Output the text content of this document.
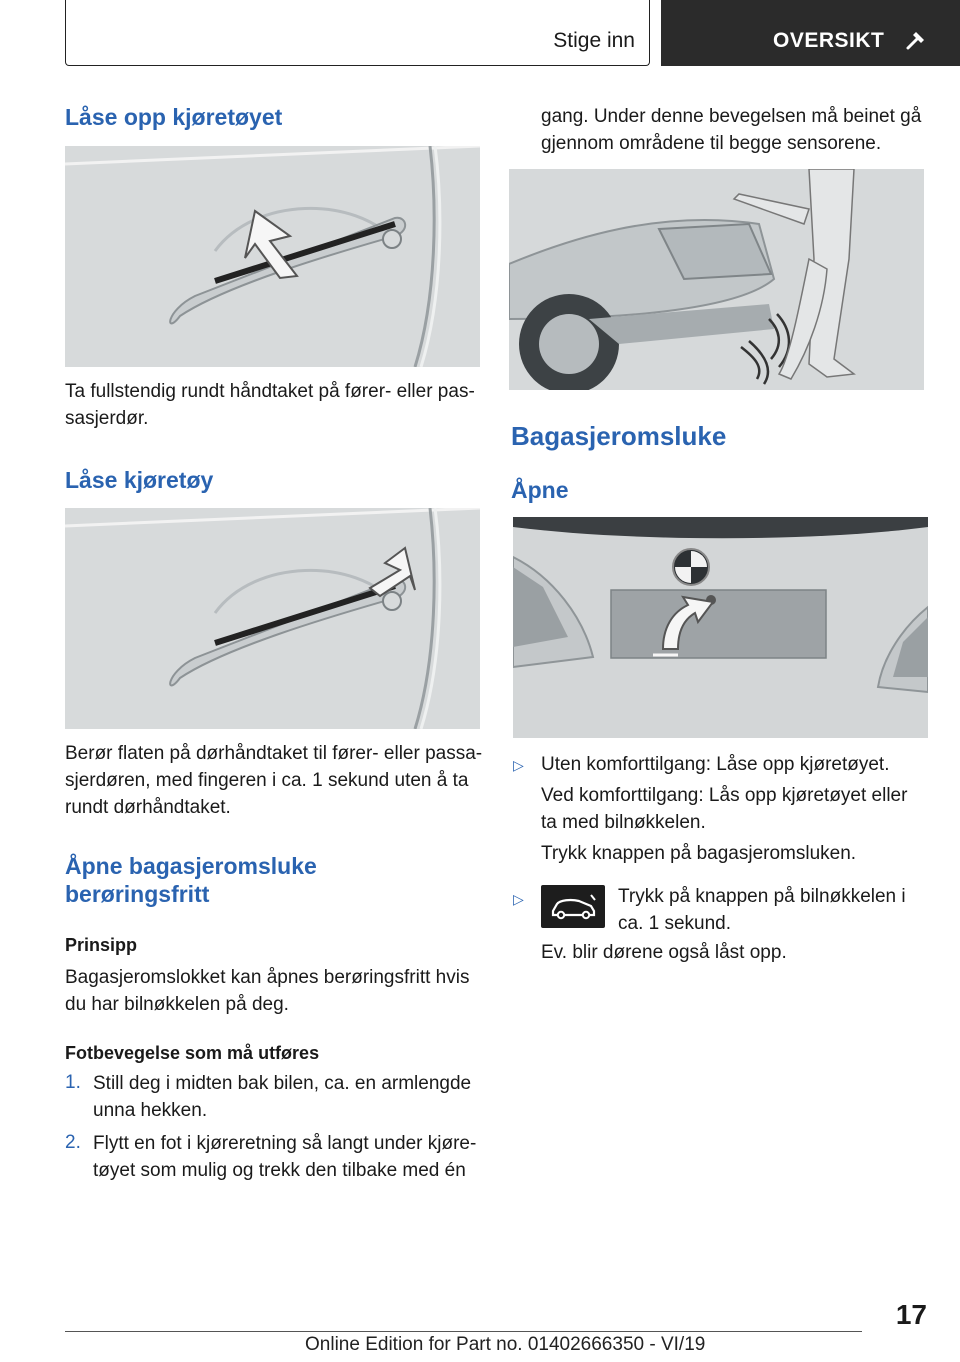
Stige inn	OVERSIKT
Låse opp kjøretøyet
Ta fullstendig rundt håndtaket på fører- eller pas-
sasjerdør.
Låse kjøretøy
Berør flaten på dørhåndtaket til fører- eller passa-
sjerdøren, med fingeren i ca. 1 sekund uten å ta
rundt dørhåndtaket.
Åpne bagasjeromsluke
berøringsfritt
Prinsipp
Bagasjeromslokket kan åpnes berøringsfritt hvis
du har bilnøkkelen på deg.
Fotbevegelse som må utføres
1. Still deg i midten bak bilen, ca. en armlengde
unna hekken.
2. Flytt en fot i kjøreretning så langt under kjøre-
tøyet som mulig og trekk den tilbake med én
gang. Under denne bevegelsen må beinet gå
gjennom områdene til begge sensorene.
Bagasjeromsluke
Åpne
▷ Uten komforttilgang: Låse opp kjøretøyet.
Ved komforttilgang: Lås opp kjøretøyet eller
ta med bilnøkkelen.
Trykk knappen på bagasjeromsluken.
▷	Trykk på knappen på bilnøkkelen i
ca. 1 sekund.
Ev. blir dørene også låst opp.
17
Online Edition for Part no. 01402666350 - VI/19
